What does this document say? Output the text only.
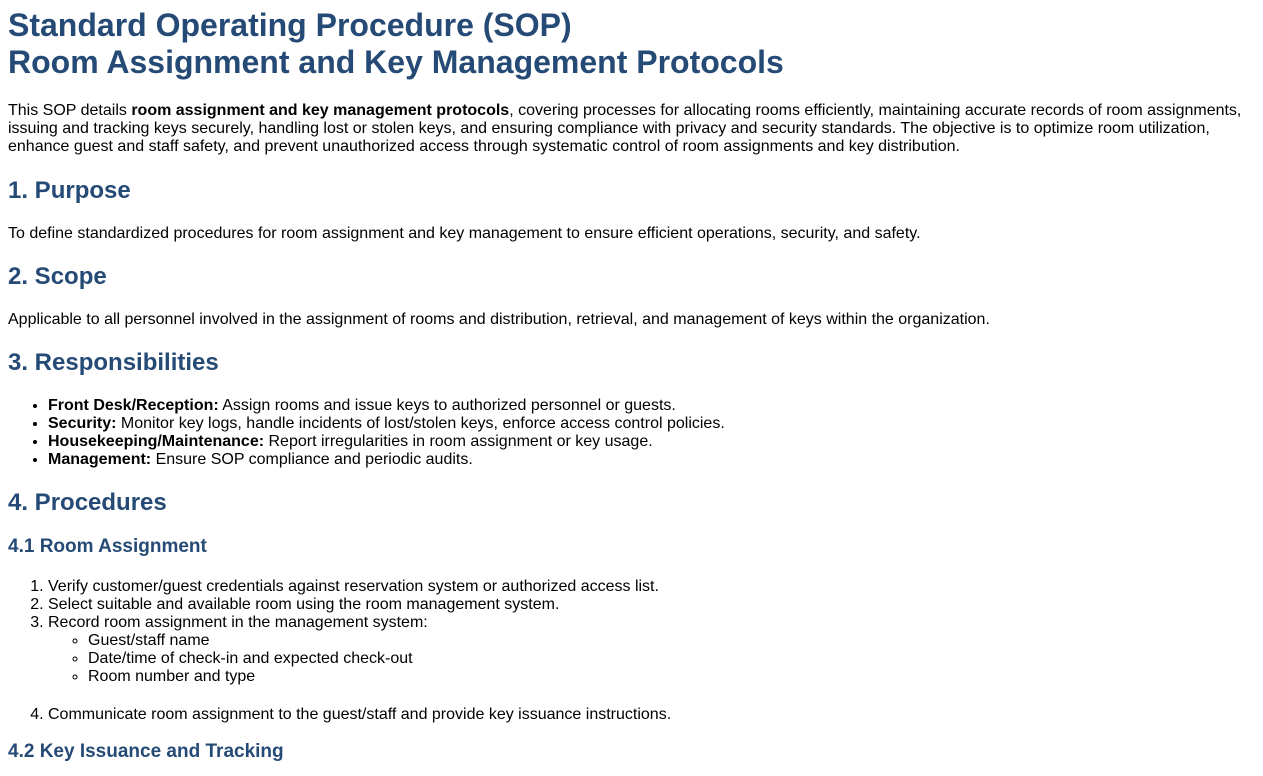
Standard Operating Procedure (SOP)
Room Assignment and Key Management Protocols

This SOP details room assignment and key management protocols, covering processes for allocating rooms efficiently, maintaining accurate records of room assignments, issuing and tracking keys securely, handling lost or stolen keys, and ensuring compliance with privacy and security standards. The objective is to optimize room utilization, enhance guest and staff safety, and prevent unauthorized access through systematic control of room assignments and key distribution.

1. Purpose

To define standardized procedures for room assignment and key management to ensure efficient operations, security, and safety.

2. Scope

Applicable to all personnel involved in the assignment of rooms and distribution, retrieval, and management of keys within the organization.

3. Responsibilities
• Front Desk/Reception: Assign rooms and issue keys to authorized personnel or guests.
• Security: Monitor key logs, handle incidents of lost/stolen keys, enforce access control policies.
• Housekeeping/Maintenance: Report irregularities in room assignment or key usage.
• Management: Ensure SOP compliance and periodic audits.
4. Procedures
4.1 Room Assignment
1. Verify customer/guest credentials against reservation system or authorized access list.
2. Select suitable and available room using the room management system.
3. Record room assignment in the management system:
◦ Guest/staff name
◦ Date/time of check-in and expected check-out
◦ Room number and type
4. Communicate room assignment to the guest/staff and provide key issuance instructions.
4.2 Key Issuance and Tracking
